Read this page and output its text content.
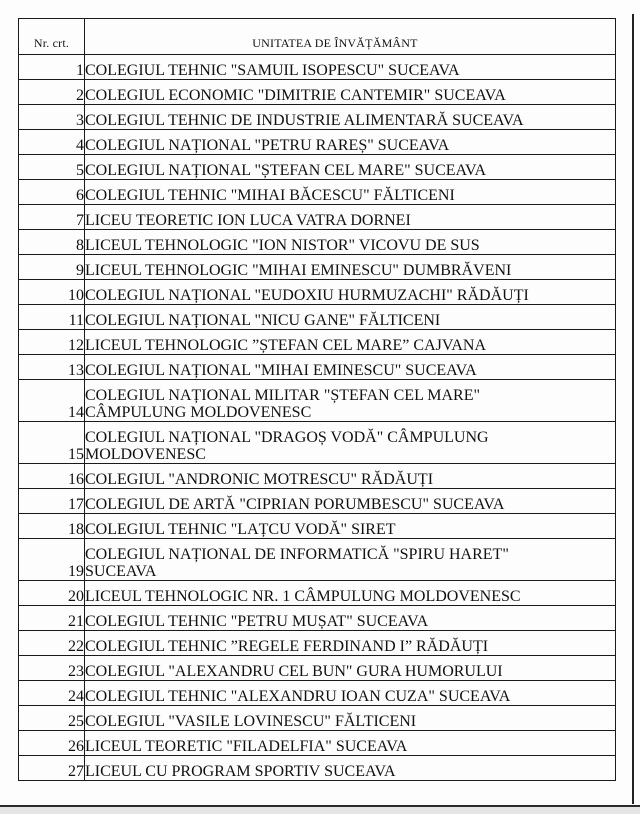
Nr. crt.	UNITATEA DE ÎNVĂȚĂMÂNT
1	COLEGIUL TEHNIC "SAMUIL ISOPESCU" SUCEAVA
2	COLEGIUL ECONOMIC "DIMITRIE CANTEMIR" SUCEAVA
3	COLEGIUL TEHNIC DE INDUSTRIE ALIMENTARĂ SUCEAVA
4	COLEGIUL NAȚIONAL "PETRU RAREȘ" SUCEAVA
5	COLEGIUL NAȚIONAL "ȘTEFAN CEL MARE" SUCEAVA
6	COLEGIUL TEHNIC "MIHAI BĂCESCU" FĂLTICENI
7	LICEU TEORETIC ION LUCA VATRA DORNEI
8	LICEUL TEHNOLOGIC "ION NISTOR" VICOVU DE SUS
9	LICEUL TEHNOLOGIC "MIHAI EMINESCU" DUMBRĂVENI
10	COLEGIUL NAȚIONAL "EUDOXIU HURMUZACHI" RĂDĂUȚI
11	COLEGIUL NAȚIONAL "NICU GANE" FĂLTICENI
12	LICEUL TEHNOLOGIC ”ȘTEFAN CEL MARE” CAJVANA
13	COLEGIUL NAȚIONAL "MIHAI EMINESCU" SUCEAVA
14	COLEGIUL NAȚIONAL MILITAR "ȘTEFAN CEL MARE"
CÂMPULUNG MOLDOVENESC
15	COLEGIUL NAȚIONAL "DRAGOȘ VODĂ" CÂMPULUNG
MOLDOVENESC
16	COLEGIUL "ANDRONIC MOTRESCU" RĂDĂUȚI
17	COLEGIUL DE ARTĂ "CIPRIAN PORUMBESCU" SUCEAVA
18	COLEGIUL TEHNIC "LAȚCU VODĂ" SIRET
19	COLEGIUL NAȚIONAL DE INFORMATICĂ "SPIRU HARET"
SUCEAVA
20	LICEUL TEHNOLOGIC NR. 1 CÂMPULUNG MOLDOVENESC
21	COLEGIUL TEHNIC "PETRU MUȘAT" SUCEAVA
22	COLEGIUL TEHNIC ”REGELE FERDINAND I” RĂDĂUȚI
23	COLEGIUL "ALEXANDRU CEL BUN" GURA HUMORULUI
24	COLEGIUL TEHNIC "ALEXANDRU IOAN CUZA" SUCEAVA
25	COLEGIUL "VASILE LOVINESCU" FĂLTICENI
26	LICEUL TEORETIC "FILADELFIA" SUCEAVA
27	LICEUL CU PROGRAM SPORTIV SUCEAVA
